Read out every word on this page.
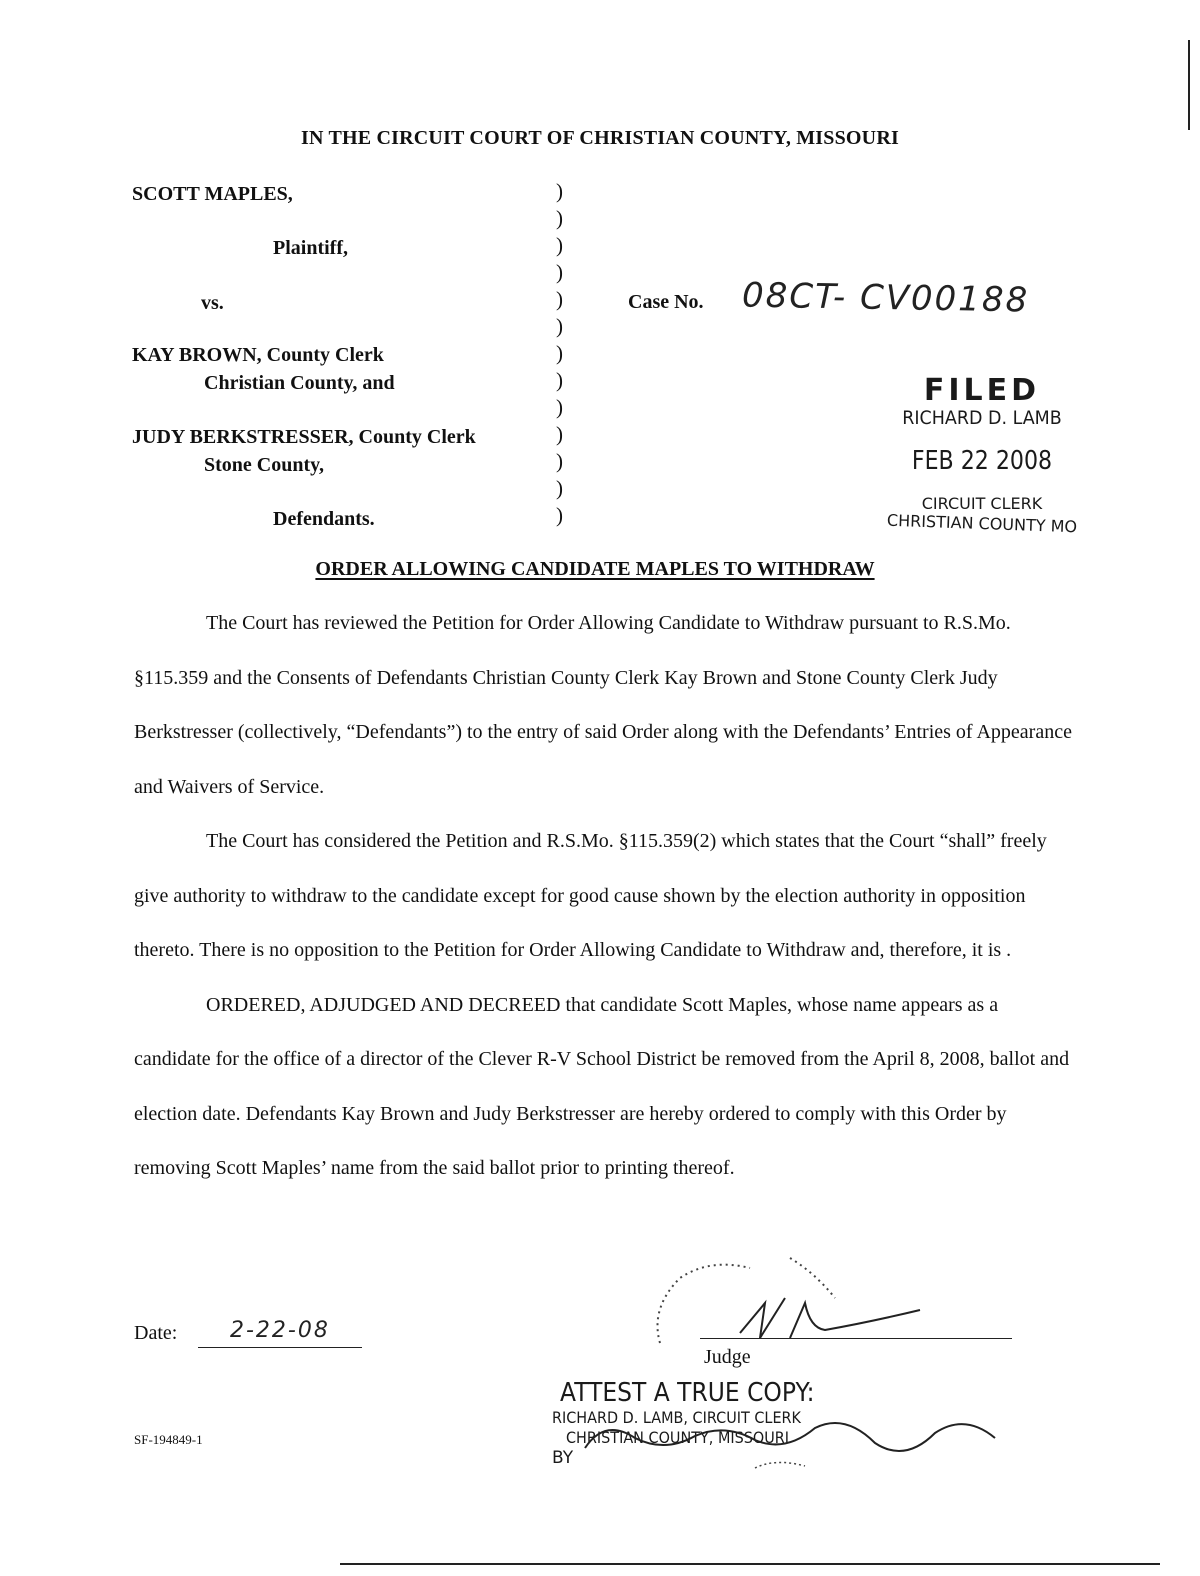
IN THE CIRCUIT COURT OF CHRISTIAN COUNTY, MISSOURI
SCOTT MAPLES,
Plaintiff,
vs.
KAY BROWN, County Clerk
Christian County, and
JUDY BERKSTRESSER, County Clerk
Stone County,
Defendants.
)
)
)
)
)
)
)
)
)
)
)
)
)
Case No. 08CT- CV00188
FILED
RICHARD D. LAMB
FEB 22 2008
CIRCUIT CLERK
CHRISTIAN COUNTY MO
ORDER ALLOWING CANDIDATE MAPLES TO WITHDRAW

The Court has reviewed the Petition for Order Allowing Candidate to Withdraw pursuant to R.S.Mo. §115.359 and the Consents of Defendants Christian County Clerk Kay Brown and Stone County Clerk Judy Berkstresser (collectively, “Defendants”) to the entry of said Order along with the Defendants’ Entries of Appearance and Waivers of Service.

The Court has considered the Petition and R.S.Mo. §115.359(2) which states that the Court “shall” freely give authority to withdraw to the candidate except for good cause shown by the election authority in opposition thereto. There is no opposition to the Petition for Order Allowing Candidate to Withdraw and, therefore, it is .

ORDERED, ADJUDGED AND DECREED that candidate Scott Maples, whose name appears as a candidate for the office of a director of the Clever R-V School District be removed from the April 8, 2008, ballot and election date. Defendants Kay Brown and Judy Berkstresser are hereby ordered to comply with this Order by removing Scott Maples’ name from the said ballot prior to printing thereof.

Date: 2-22-08
Judge
ATTEST A TRUE COPY:
RICHARD D. LAMB, CIRCUIT CLERK
CHRISTIAN COUNTY, MISSOURI
BY
SF-194849-1
